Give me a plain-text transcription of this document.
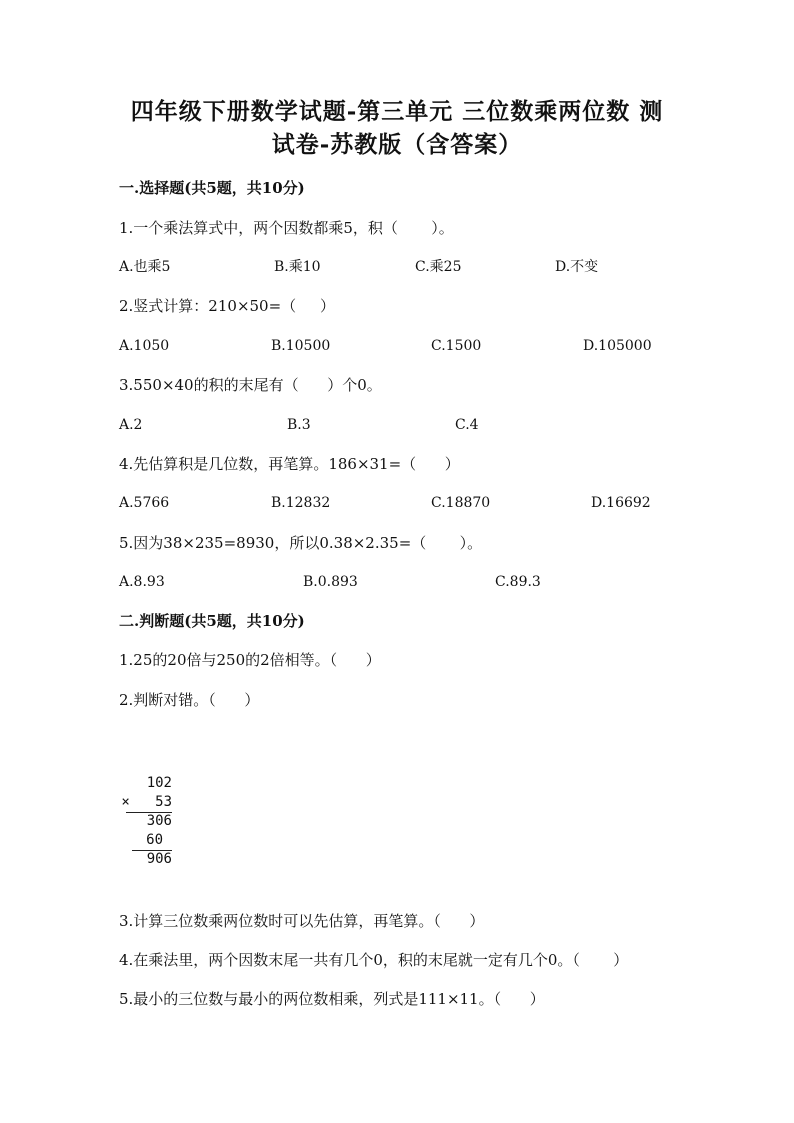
四年级下册数学试题-第三单元 三位数乘两位数 测
试卷-苏教版（含答案）
一.选择题(共5题，共10分)
1.一个乘法算式中，两个因数都乘5，积（       ）。
A.也乘5	B.乘10	C.乘25	D.不变
2.竖式计算：210×50=（     ）
A.1050	B.10500	C.1500	D.105000
3.550×40的积的末尾有（      ）个0。
A.2	B.3	C.4
4.先估算积是几位数，再笔算。186×31=（      ）
A.5766	B.12832	C.18870	D.16692
5.因为38×235=8930，所以0.38×2.35=（       ）。
A.8.93	B.0.893	C.89.3
二.判断题(共5题，共10分)
1.25的20倍与250的2倍相等。（      ）
2.判断对错。（      ）
102
×   53
306
60
906
3.计算三位数乘两位数时可以先估算，再笔算。（      ）
4.在乘法里，两个因数末尾一共有几个0，积的末尾就一定有几个0。（       ）
5.最小的三位数与最小的两位数相乘，列式是111×11。（      ）
